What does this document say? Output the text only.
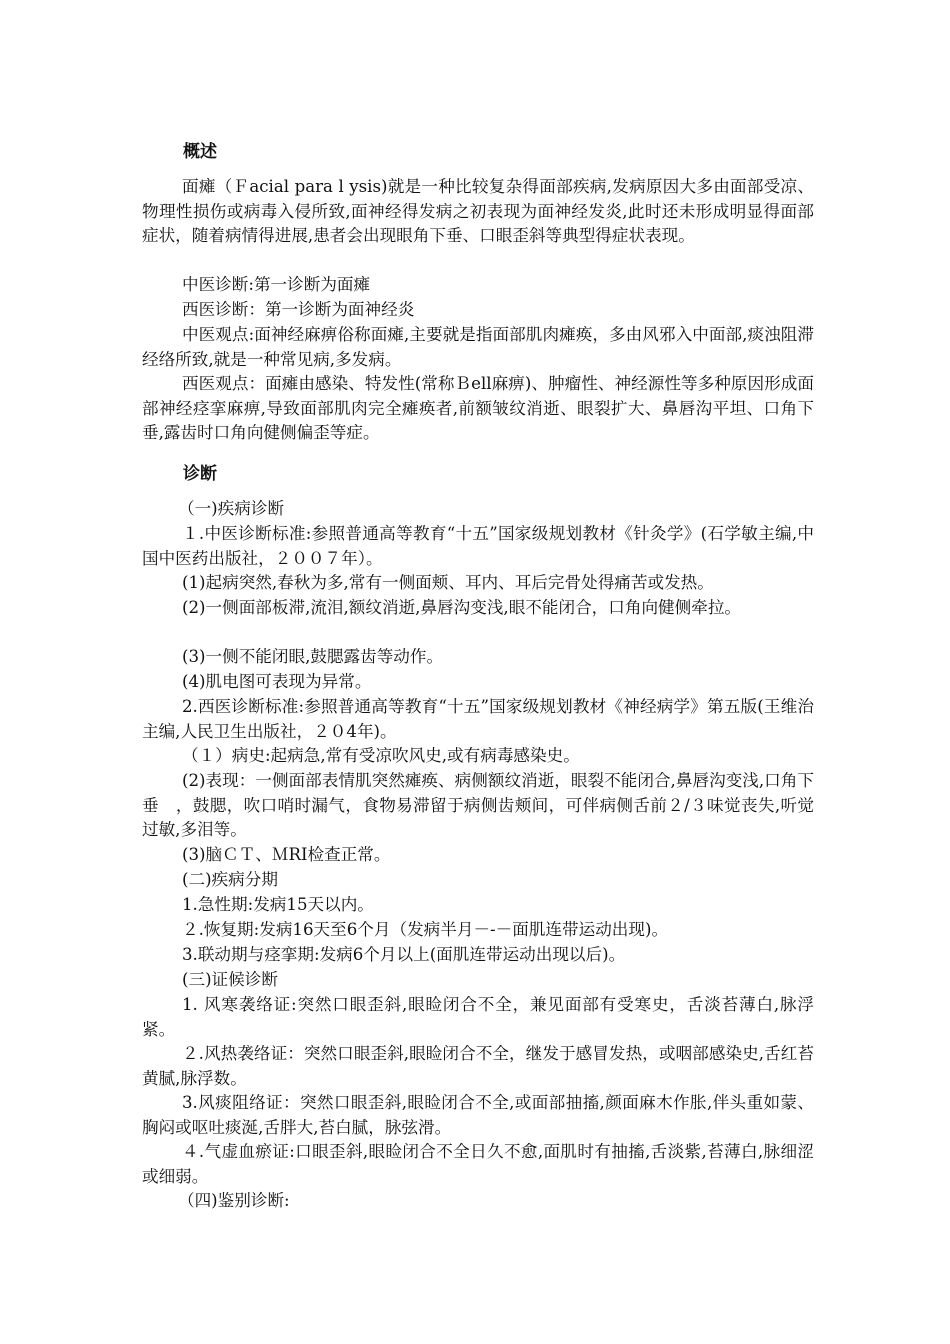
概述

面瘫（Ｆacial para l ysis)就是一种比较复杂得面部疾病,发病原因大多由面部受凉、物理性损伤或病毒入侵所致,面神经得发病之初表现为面神经发炎,此时还未形成明显得面部症状，随着病情得进展,患者会出现眼角下垂、口眼歪斜等典型得症状表现。

中医诊断:第一诊断为面瘫

西医诊断：第一诊断为面神经炎

中医观点:面神经麻痹俗称面瘫,主要就是指面部肌肉瘫痪，多由风邪入中面部,痰浊阻滞经络所致,就是一种常见病,多发病。

西医观点：面瘫由感染、特发性(常称Ｂell麻痹)、肿瘤性、神经源性等多种原因形成面部神经痉挛麻痹,导致面部肌肉完全瘫痪者,前额皱纹消逝、眼裂扩大、鼻唇沟平坦、口角下垂,露齿时口角向健侧偏歪等症。

诊断

（一)疾病诊断

１.中医诊断标准:参照普通高等教育“十五”国家级规划教材《针灸学》(石学敏主编,中国中医药出版社，２００７年）。

(1)起病突然,春秋为多,常有一侧面颊、耳内、耳后完骨处得痛苦或发热。

(2)一侧面部板滞,流泪,额纹消逝,鼻唇沟变浅,眼不能闭合，口角向健侧牵拉。

(3)一侧不能闭眼,鼓腮露齿等动作。

(4)肌电图可表现为异常。

2.西医诊断标准:参照普通高等教育“十五”国家级规划教材《神经病学》第五版(王维治主编,人民卫生出版社，２０4年)。

（１）病史:起病急,常有受凉吹风史,或有病毒感染史。

(2)表现：一侧面部表情肌突然瘫痪、病侧额纹消逝，眼裂不能闭合,鼻唇沟变浅,口角下垂　，鼓腮，吹口哨时漏气，食物易滞留于病侧齿颊间，可伴病侧舌前２/３味觉丧失,听觉过敏,多泪等。

(3)脑ＣＴ、ＭRI检查正常。

(二)疾病分期

1.急性期:发病15天以内。

２.恢复期:发病16天至6个月（发病半月－-－面肌连带运动出现)。

3.联动期与痉挛期:发病6个月以上(面肌连带运动出现以后)。

(三)证候诊断

1. 风寒袭络证:突然口眼歪斜,眼睑闭合不全，兼见面部有受寒史，舌淡苔薄白,脉浮紧。

２.风热袭络证：突然口眼歪斜,眼睑闭合不全，继发于感冒发热，或咽部感染史,舌红苔黄腻,脉浮数。

3.风痰阻络证：突然口眼歪斜,眼睑闭合不全,或面部抽搐,颜面麻木作胀,伴头重如蒙、胸闷或呕吐痰涎,舌胖大,苔白腻，脉弦滑。

４.气虚血瘀证:口眼歪斜,眼睑闭合不全日久不愈,面肌时有抽搐,舌淡紫,苔薄白,脉细涩或细弱。

（四)鉴别诊断:
